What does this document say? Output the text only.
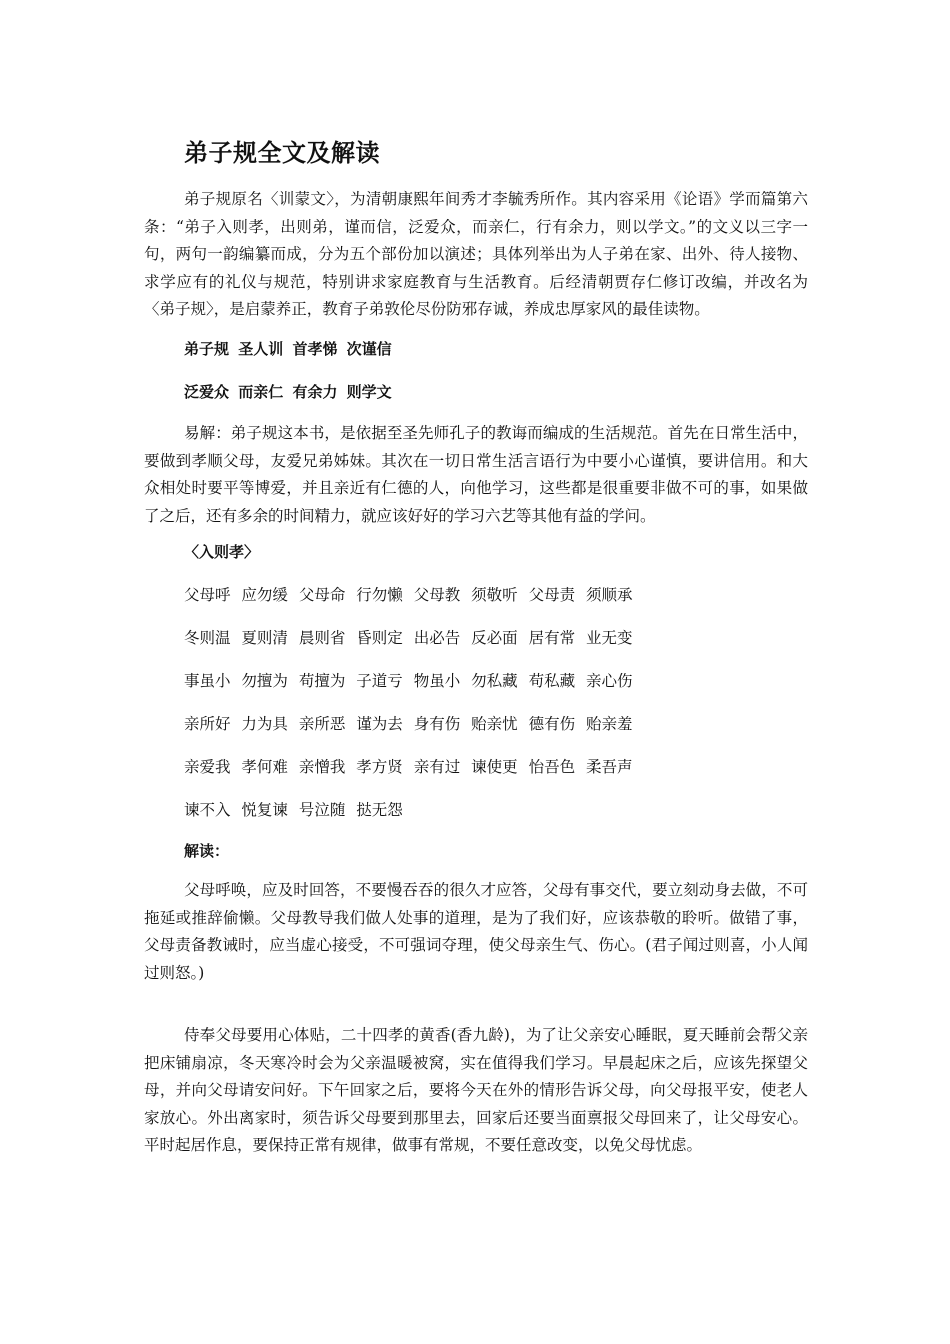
弟子规全文及解读

弟子规原名〈训蒙文〉，为清朝康熙年间秀才李毓秀所作。其内容采用《论语》学而篇第六条：“弟子入则孝，出则弟，谨而信，泛爱众，而亲仁，行有余力，则以学文。”的文义以三字一句，两句一韵编纂而成，分为五个部份加以演述；具体列举出为人子弟在家、出外、待人接物、求学应有的礼仪与规范，特别讲求家庭教育与生活教育。后经清朝贾存仁修订改编，并改名为〈弟子规〉，是启蒙养正，教育子弟敦伦尽份防邪存诚，养成忠厚家风的最佳读物。

弟子规 圣人训 首孝悌 次谨信

泛爱众 而亲仁 有余力 则学文

易解：弟子规这本书，是依据至圣先师孔子的教诲而编成的生活规范。首先在日常生活中，要做到孝顺父母，友爱兄弟姊妹。其次在一切日常生活言语行为中要小心谨慎，要讲信用。和大众相处时要平等博爱，并且亲近有仁德的人，向他学习，这些都是很重要非做不可的事，如果做了之后，还有多余的时间精力，就应该好好的学习六艺等其他有益的学问。

〈入则孝〉

父母呼 应勿缓 父母命 行勿懒 父母教 须敬听 父母责 须顺承

冬则温 夏则清 晨则省 昏则定 出必告 反必面 居有常 业无变

事虽小 勿擅为 苟擅为 子道亏 物虽小 勿私藏 苟私藏 亲心伤

亲所好 力为具 亲所恶 谨为去 身有伤 贻亲忧 德有伤 贻亲羞

亲爱我 孝何难 亲憎我 孝方贤 亲有过 谏使更 怡吾色 柔吾声

谏不入 悦复谏 号泣随 挞无怨

解读：

父母呼唤，应及时回答，不要慢吞吞的很久才应答，父母有事交代，要立刻动身去做，不可拖延或推辞偷懒。父母教导我们做人处事的道理，是为了我们好，应该恭敬的聆听。做错了事，父母责备教诫时，应当虚心接受，不可强词夺理，使父母亲生气、伤心。(君子闻过则喜，小人闻过则怒。)

侍奉父母要用心体贴，二十四孝的黄香(香九龄)，为了让父亲安心睡眠，夏天睡前会帮父亲把床铺扇凉，冬天寒冷时会为父亲温暖被窝，实在值得我们学习。早晨起床之后，应该先探望父母，并向父母请安问好。下午回家之后，要将今天在外的情形告诉父母，向父母报平安，使老人家放心。外出离家时，须告诉父母要到那里去，回家后还要当面禀报父母回来了，让父母安心。平时起居作息，要保持正常有规律，做事有常规，不要任意改变，以免父母忧虑。
